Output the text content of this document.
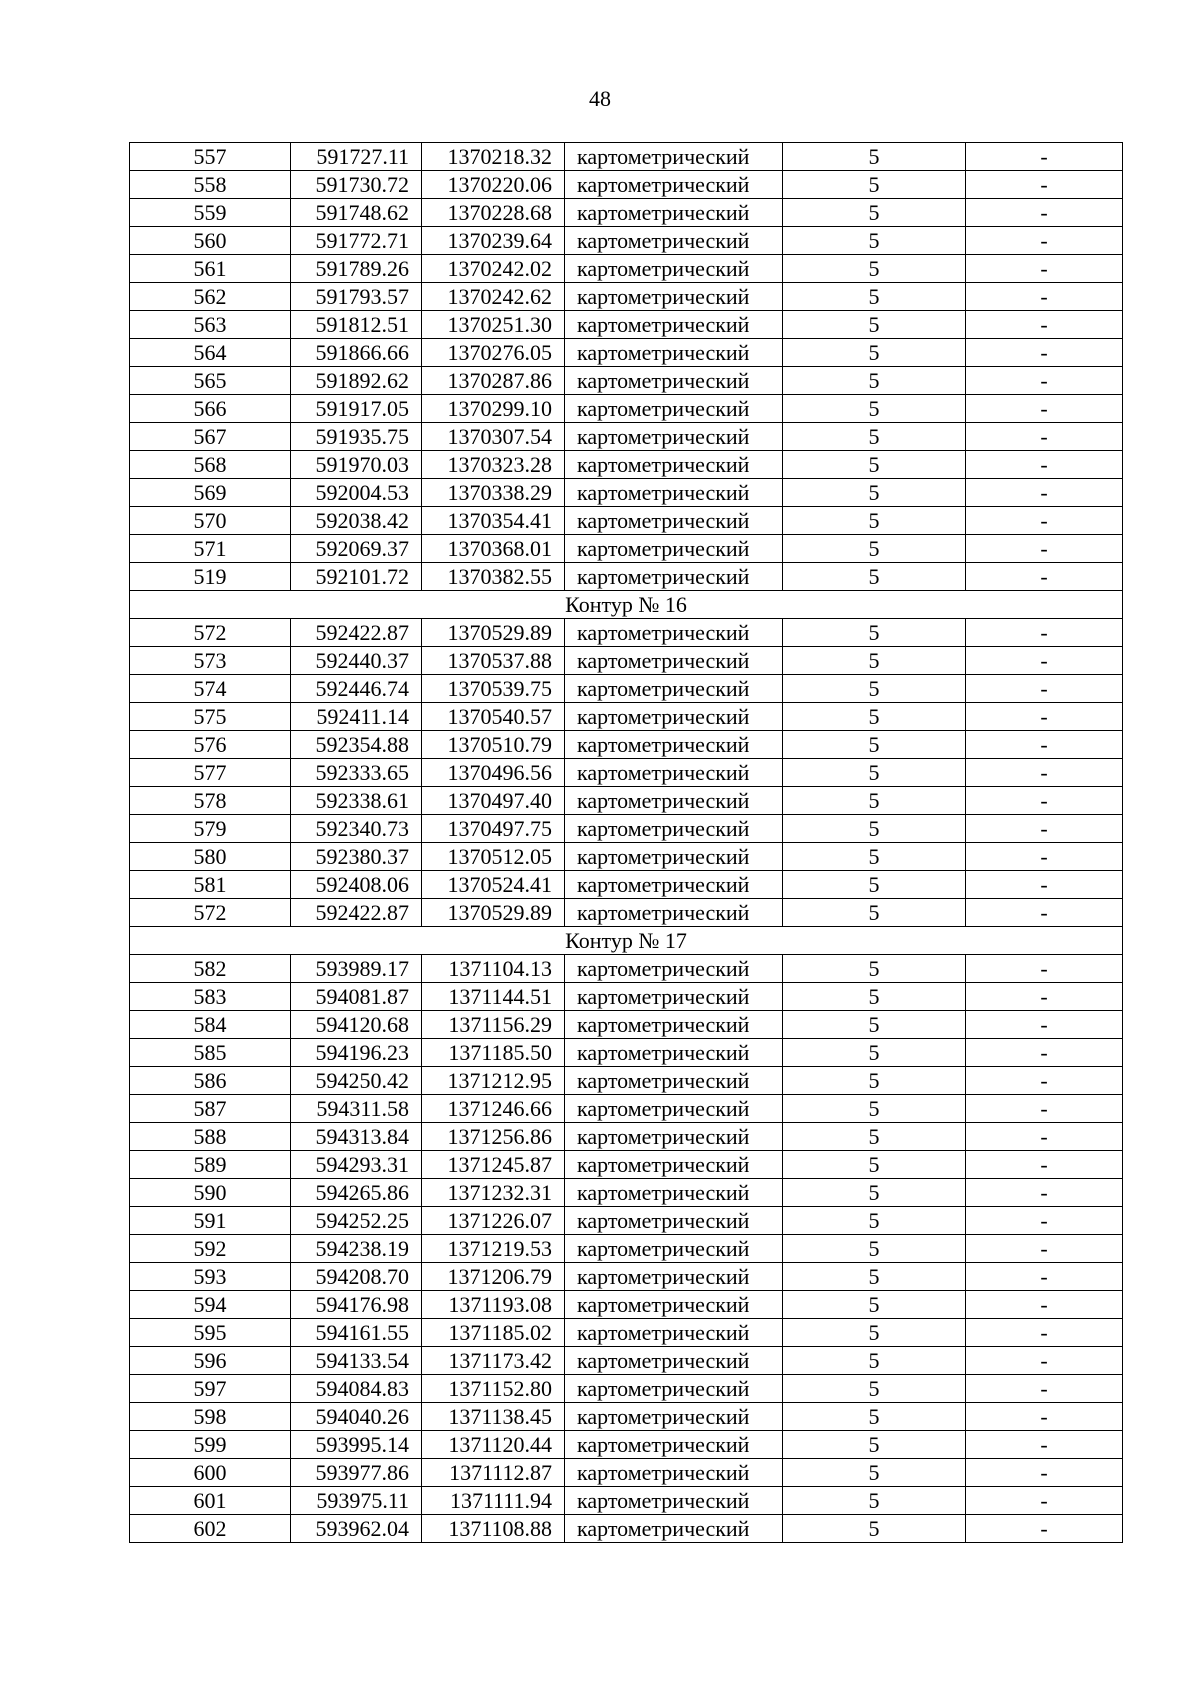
48
557	591727.11	1370218.32	картометрический	5	-
558	591730.72	1370220.06	картометрический	5	-
559	591748.62	1370228.68	картометрический	5	-
560	591772.71	1370239.64	картометрический	5	-
561	591789.26	1370242.02	картометрический	5	-
562	591793.57	1370242.62	картометрический	5	-
563	591812.51	1370251.30	картометрический	5	-
564	591866.66	1370276.05	картометрический	5	-
565	591892.62	1370287.86	картометрический	5	-
566	591917.05	1370299.10	картометрический	5	-
567	591935.75	1370307.54	картометрический	5	-
568	591970.03	1370323.28	картометрический	5	-
569	592004.53	1370338.29	картометрический	5	-
570	592038.42	1370354.41	картометрический	5	-
571	592069.37	1370368.01	картометрический	5	-
519	592101.72	1370382.55	картометрический	5	-
Контур № 16					
572	592422.87	1370529.89	картометрический	5	-
573	592440.37	1370537.88	картометрический	5	-
574	592446.74	1370539.75	картометрический	5	-
575	592411.14	1370540.57	картометрический	5	-
576	592354.88	1370510.79	картометрический	5	-
577	592333.65	1370496.56	картометрический	5	-
578	592338.61	1370497.40	картометрический	5	-
579	592340.73	1370497.75	картометрический	5	-
580	592380.37	1370512.05	картометрический	5	-
581	592408.06	1370524.41	картометрический	5	-
572	592422.87	1370529.89	картометрический	5	-
Контур № 17					
582	593989.17	1371104.13	картометрический	5	-
583	594081.87	1371144.51	картометрический	5	-
584	594120.68	1371156.29	картометрический	5	-
585	594196.23	1371185.50	картометрический	5	-
586	594250.42	1371212.95	картометрический	5	-
587	594311.58	1371246.66	картометрический	5	-
588	594313.84	1371256.86	картометрический	5	-
589	594293.31	1371245.87	картометрический	5	-
590	594265.86	1371232.31	картометрический	5	-
591	594252.25	1371226.07	картометрический	5	-
592	594238.19	1371219.53	картометрический	5	-
593	594208.70	1371206.79	картометрический	5	-
594	594176.98	1371193.08	картометрический	5	-
595	594161.55	1371185.02	картометрический	5	-
596	594133.54	1371173.42	картометрический	5	-
597	594084.83	1371152.80	картометрический	5	-
598	594040.26	1371138.45	картометрический	5	-
599	593995.14	1371120.44	картометрический	5	-
600	593977.86	1371112.87	картометрический	5	-
601	593975.11	1371111.94	картометрический	5	-
602	593962.04	1371108.88	картометрический	5	-
